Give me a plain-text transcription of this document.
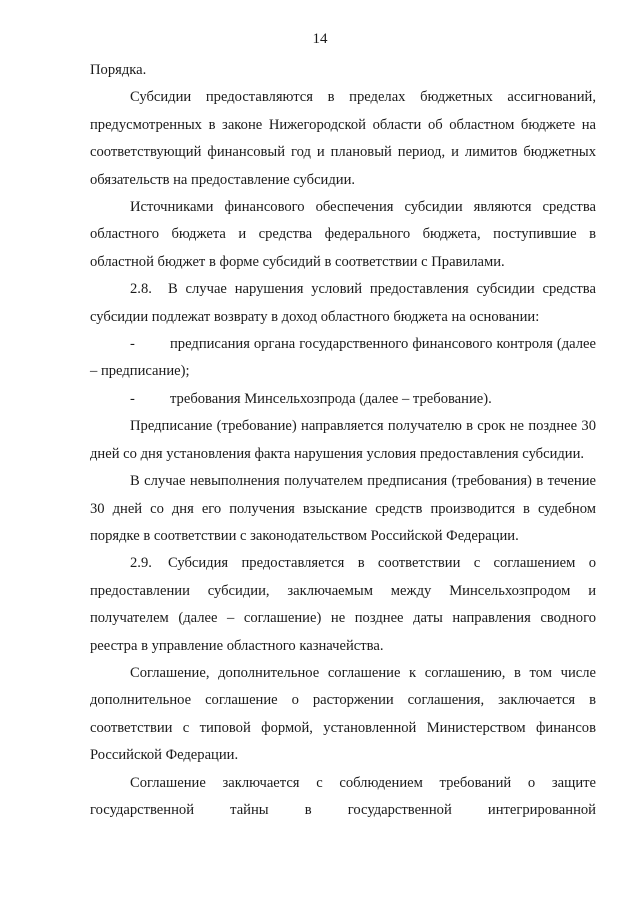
14

Порядка.

Субсидии предоставляются в пределах бюджетных ассигнований, предусмотренных в законе Нижегородской области об областном бюджете на соответствующий финансовый год и плановый период, и лимитов бюджетных обязательств на предоставление субсидии.

Источниками финансового обеспечения субсидии являются средства областного бюджета и средства федерального бюджета, поступившие в областной бюджет в форме субсидий в соответствии с Правилами.

2.8. В случае нарушения условий предоставления субсидии средства субсидии подлежат возврату в доход областного бюджета на основании:

- предписания органа государственного финансового контроля (далее – предписание);

- требования Минсельхозпрода (далее – требование).

Предписание (требование) направляется получателю в срок не позднее 30 дней со дня установления факта нарушения условия предоставления субсидии.

В случае невыполнения получателем предписания (требования) в течение 30 дней со дня его получения взыскание средств производится в судебном порядке в соответствии с законодательством Российской Федерации.

2.9. Субсидия предоставляется в соответствии с соглашением о предоставлении субсидии, заключаемым между Минсельхозпродом и получателем (далее – соглашение) не позднее даты направления сводного реестра в управление областного казначейства.

Соглашение, дополнительное соглашение к соглашению, в том числе дополнительное соглашение о расторжении соглашения, заключается в соответствии с типовой формой, установленной Министерством финансов Российской Федерации.

Соглашение заключается с соблюдением требований о защите государственной тайны в государственной интегрированной
